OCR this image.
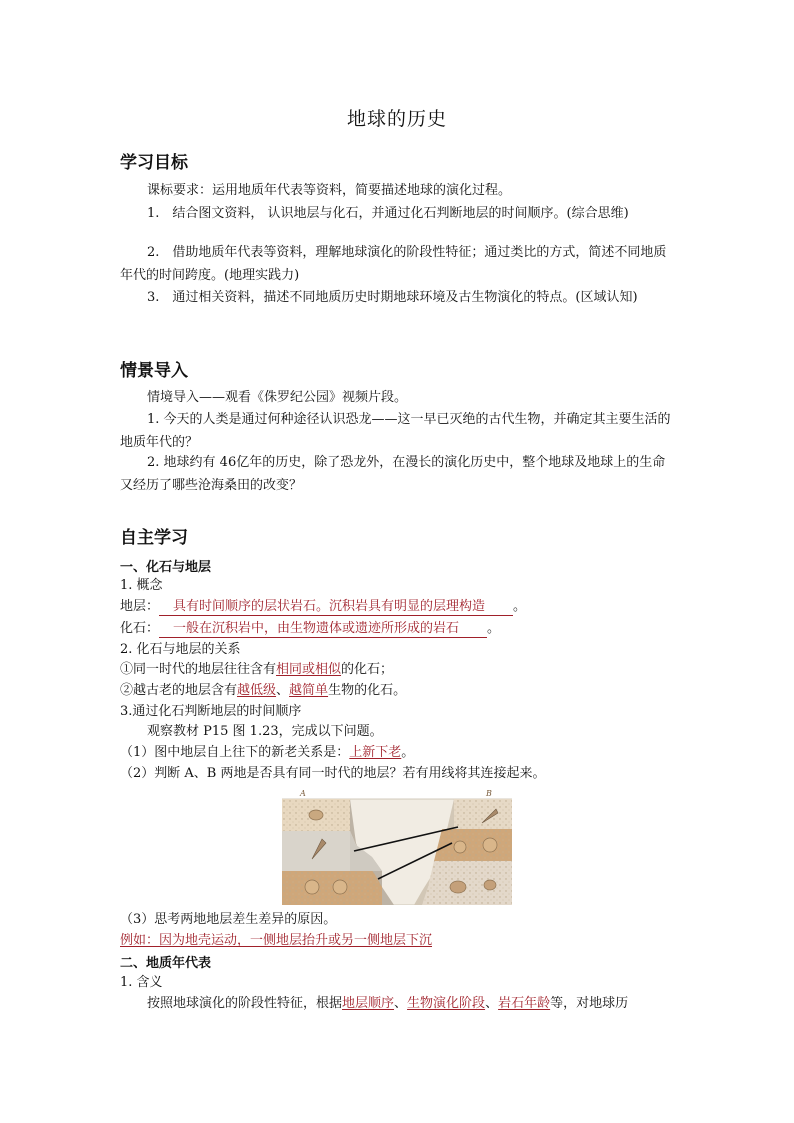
地球的历史
学习目标
课标要求：运用地质年代表等资料，简要描述地球的演化过程。
1.　结合图文资料， 认识地层与化石，并通过化石判断地层的时间顺序。(综合思维)
2.　借助地质年代表等资料，理解地球演化的阶段性特征；通过类比的方式，简述不同地质年代的时间跨度。(地理实践力)
3.　通过相关资料，描述不同地质历史时期地球环境及古生物演化的特点。(区域认知)
情景导入
情境导入——观看《侏罗纪公园》视频片段。
1. 今天的人类是通过何种途径认识恐龙——这一早已灭绝的古代生物，并确定其主要生活的地质年代的？
2. 地球约有 46亿年的历史，除了恐龙外，在漫长的演化历史中，整个地球及地球上的生命又经历了哪些沧海桑田的改变？
自主学习
一、化石与地层
1. 概念
地层： 具有时间顺序的层状岩石。沉积岩具有明显的层理构造 。
化石： 一般在沉积岩中，由生物遗体或遗迹所形成的岩石 。
2. 化石与地层的关系
①同一时代的地层往往含有相同或相似的化石；
②越古老的地层含有越低级、越简单生物的化石。
3.通过化石判断地层的时间顺序
观察教材 P15 图 1.23，完成以下问题。
（1）图中地层自上往下的新老关系是：上新下老。
（2）判断 A、B 两地是否具有同一时代的地层？若有用线将其连接起来。
A	B
（3）思考两地地层差生差异的原因。
例如：因为地壳运动，一侧地层抬升或另一侧地层下沉
二、地质年代表
1. 含义
按照地球演化的阶段性特征，根据地层顺序、生物演化阶段、岩石年龄等，对地球历
